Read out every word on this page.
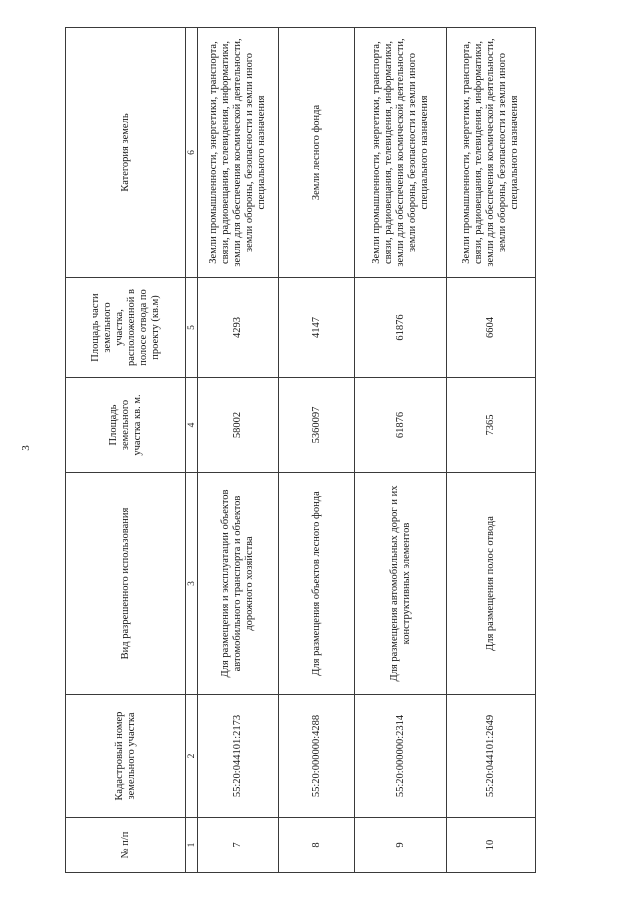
3
№ п/п	Кадастровый номер земельного участка	Вид разрешенного использования	Площадь земельного участка кв. м.	Площадь части земельного участка, расположенной в полосе отвода по проекту (кв.м)	Категория земель
1	2	3	4	5	6
7	55:20:044101:2173	Для размещения и эксплуатации объектов автомобильного транспорта и объектов дорожного хозяйства	58002	4293	Земли промышленности, энергетики, транспорта, связи, радиовещания, телевидения, информатики, земли для обеспечения космической деятельности, земли обороны, безопасности и земли иного специального назначения
8	55:20:000000:4288	Для размещения объектов лесного фонда	5360097	4147	Земли лесного фонда
9	55:20:000000:2314	Для размещения автомобильных дорог и их конструктивных элементов	61876	61876	Земли промышленности, энергетики, транспорта, связи, радиовещания, телевидения, информатики, земли для обеспечения космической деятельности, земли обороны, безопасности и земли иного специального назначения
10	55:20:044101:2649	Для размещения полос отвода	7365	6604	Земли промышленности, энергетики, транспорта, связи, радиовещания, телевидения, информатики, земли для обеспечения космической деятельности, земли обороны, безопасности и земли иного специального назначения
